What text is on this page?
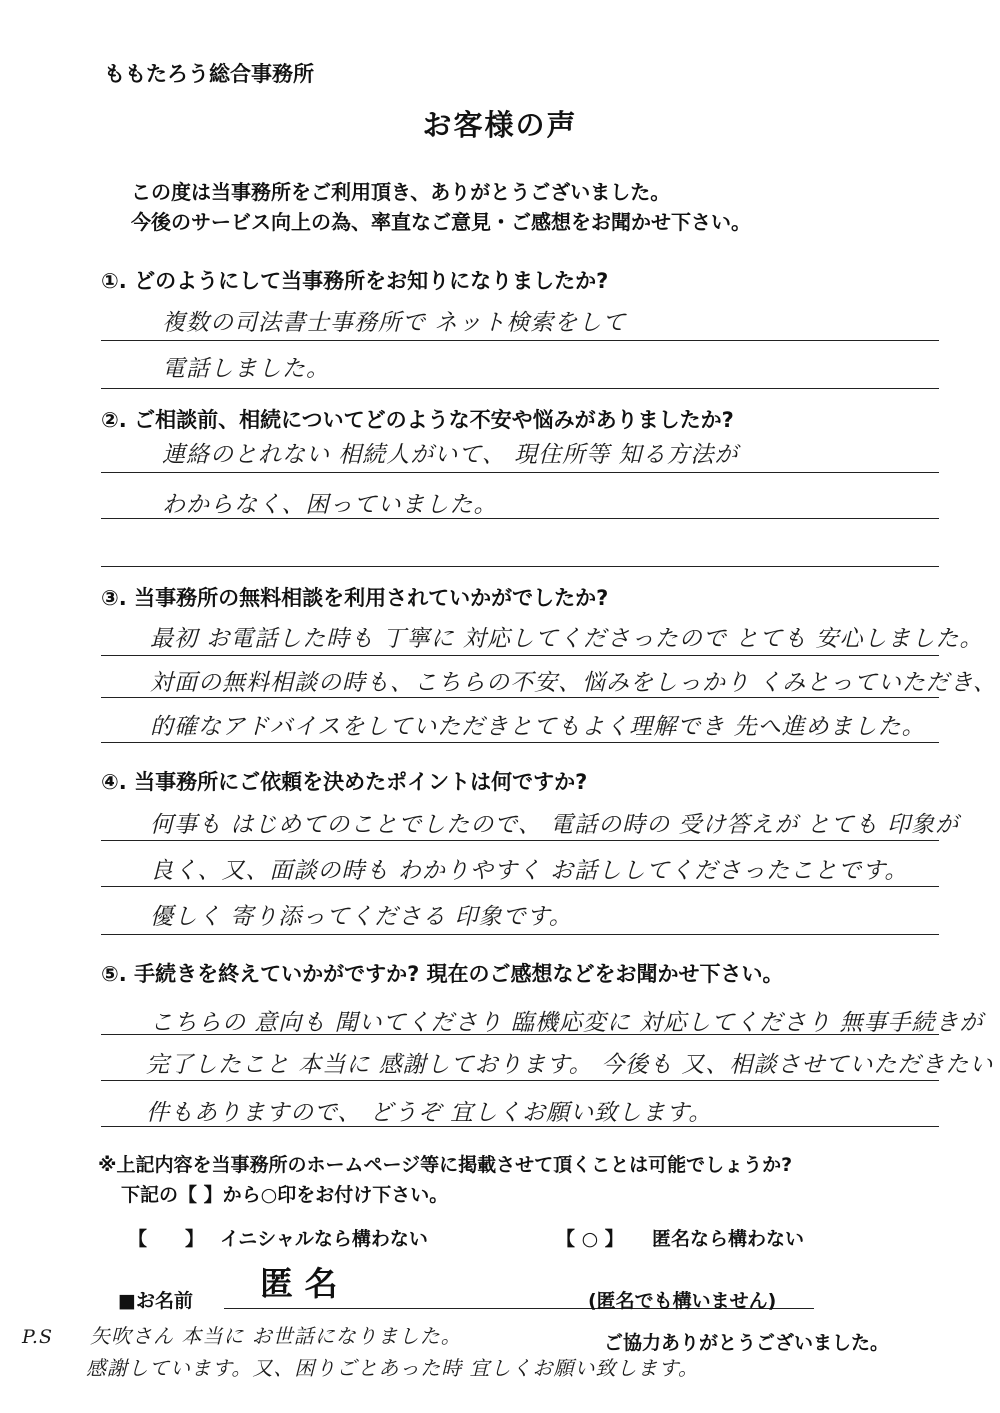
ももたろう総合事務所
お客様の声
この度は当事務所をご利用頂き、ありがとうございました。
今後のサービス向上の為、率直なご意見・ご感想をお聞かせ下さい。
①. どのようにして当事務所をお知りになりましたか?
複数の司法書士事務所で ネット検索をして
電話しました。
②. ご相談前、相続についてどのような不安や悩みがありましたか?
連絡のとれない 相続人がいて、 現住所等 知る方法が
わからなく、困っていました。
③. 当事務所の無料相談を利用されていかがでしたか?
最初 お電話した時も 丁寧に 対応してくださったので とても 安心しました。
対面の無料相談の時も、こちらの不安、悩みをしっかり くみとっていただき、
的確なアドバイスをしていただきとてもよく理解でき 先へ進めました。
④. 当事務所にご依頼を決めたポイントは何ですか?
何事も はじめてのことでしたので、 電話の時の 受け答えが とても 印象が
良く、又、面談の時も わかりやすく お話ししてくださったことです。
優しく 寄り添ってくださる 印象です。
⑤. 手続きを終えていかがですか? 現在のご感想などをお聞かせ下さい。
こちらの 意向も 聞いてくださり 臨機応変に 対応してくださり 無事手続きが
完了したこと 本当に 感謝しております。 今後も 又、相談させていただきたい
件もありますので、 どうぞ 宜しくお願い致します。
※上記内容を当事務所のホームページ等に掲載させて頂くことは可能でしょうか?
下記の【 】から○印をお付け下さい。
【　　】 イニシャルなら構わない	【 ○ 】 匿名なら構わない
■お名前 匿 名	(匿名でも構いません)
P.S 矢吹さん 本当に お世話になりました。
感謝しています。又、困りごとあった時 宜しくお願い致します。
ご協力ありがとうございました。
